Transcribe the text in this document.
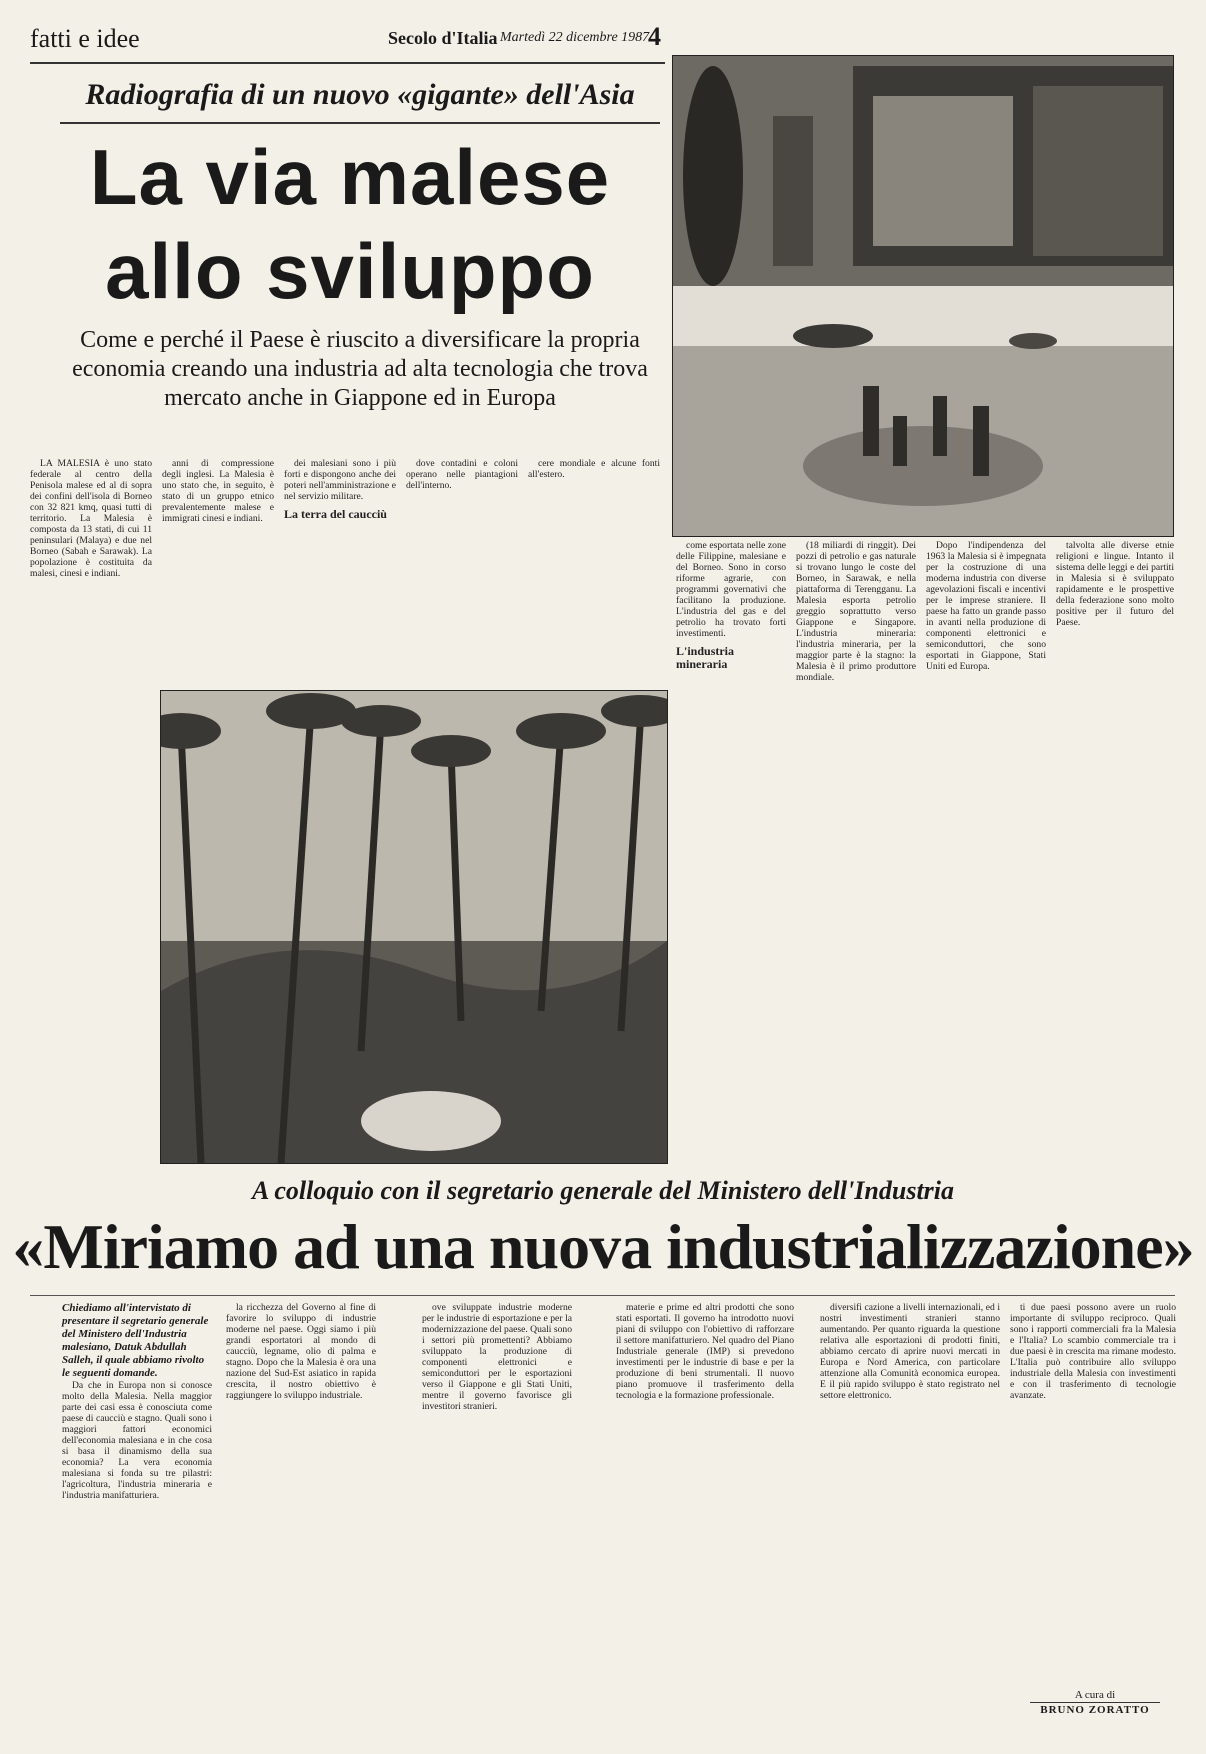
fatti e idee	Secolo d'Italia Martedì 22 dicembre 1987
4
Radiografia di un nuovo «gigante» dell'Asia
La via malese
allo sviluppo
Come e perché il Paese è riuscito a diversificare la propria economia creando una industria ad alta tecnologia che trova mercato anche in Giappone ed in Europa

LA MALESIA è uno stato federale al centro della Penisola malese ed al di sopra dei confini dell'isola di Borneo con 32 821 kmq, quasi tutti di territorio. La Malesia è composta da 13 stati, di cui 11 peninsulari (Malaya) e due nel Borneo (Sabah e Sarawak). La popolazione è costituita da malesi, cinesi e indiani.

anni di compressione degli inglesi. La Malesia è uno stato che, in seguito, è stato di un gruppo etnico prevalentemente malese e immigrati cinesi e indiani.

dei malesiani sono i più forti e dispongono anche dei poteri nell'amministrazione e nel servizio militare.

La terra del caucciù

dove contadini e coloni operano nelle piantagioni dell'interno.

cere mondiale e alcune fonti all'estero.

come esportata nelle zone delle Filippine, malesiane e del Borneo. Sono in corso riforme agrarie, con programmi governativi che facilitano la produzione. L'industria del gas e del petrolio ha trovato forti investimenti.

L'industria mineraria

(18 miliardi di ringgit). Dei pozzi di petrolio e gas naturale si trovano lungo le coste del Borneo, in Sarawak, e nella piattaforma di Terengganu. La Malesia esporta petrolio greggio soprattutto verso Giappone e Singapore. L'industria mineraria: l'industria mineraria, per la maggior parte è la stagno: la Malesia è il primo produttore mondiale.

Dopo l'indipendenza del 1963 la Malesia si è impegnata per la costruzione di una moderna industria con diverse agevolazioni fiscali e incentivi per le imprese straniere. Il paese ha fatto un grande passo in avanti nella produzione di componenti elettronici e semiconduttori, che sono esportati in Giappone, Stati Uniti ed Europa.

talvolta alle diverse etnie religioni e lingue. Intanto il sistema delle leggi e dei partiti in Malesia si è sviluppato rapidamente e le prospettive della federazione sono molto positive per il futuro del Paese.

A colloquio con il segretario generale del Ministero dell'Industria
«Miriamo ad una nuova industrializzazione»
Chiediamo all'intervistato di presentare il segretario generale del Ministero dell'Industria malesiano, Datuk Abdullah Salleh, il quale abbiamo rivolto le seguenti domande.

Da che in Europa non si conosce molto della Malesia. Nella maggior parte dei casi essa è conosciuta come paese di caucciù e stagno. Quali sono i maggiori fattori economici dell'economia malesiana e in che cosa si basa il dinamismo della sua economia? La vera economia malesiana si fonda su tre pilastri: l'agricoltura, l'industria mineraria e l'industria manifatturiera.

la ricchezza del Governo al fine di favorire lo sviluppo di industrie moderne nel paese. Oggi siamo i più grandi esportatori al mondo di caucciù, legname, olio di palma e stagno. Dopo che la Malesia è ora una nazione del Sud-Est asiatico in rapida crescita, il nostro obiettivo è raggiungere lo sviluppo industriale.

ove sviluppate industrie moderne per le industrie di esportazione e per la modernizzazione del paese. Quali sono i settori più promettenti? Abbiamo sviluppato la produzione di componenti elettronici e semiconduttori per le esportazioni verso il Giappone e gli Stati Uniti, mentre il governo favorisce gli investitori stranieri.

materie e prime ed altri prodotti che sono stati esportati. Il governo ha introdotto nuovi piani di sviluppo con l'obiettivo di rafforzare il settore manifatturiero. Nel quadro del Piano Industriale generale (IMP) si prevedono investimenti per le industrie di base e per la produzione di beni strumentali. Il nuovo piano promuove il trasferimento della tecnologia e la formazione professionale.

diversifi cazione a livelli internazionali, ed i nostri investimenti stranieri stanno aumentando. Per quanto riguarda la questione relativa alle esportazioni di prodotti finiti, abbiamo cercato di aprire nuovi mercati in Europa e Nord America, con particolare attenzione alla Comunità economica europea. E il più rapido sviluppo è stato registrato nel settore elettronico.

ti due paesi possono avere un ruolo importante di sviluppo reciproco. Quali sono i rapporti commerciali fra la Malesia e l'Italia? Lo scambio commerciale tra i due paesi è in crescita ma rimane modesto. L'Italia può contribuire allo sviluppo industriale della Malesia con investimenti e con il trasferimento di tecnologie avanzate.

A cura di
BRUNO ZORATTO
